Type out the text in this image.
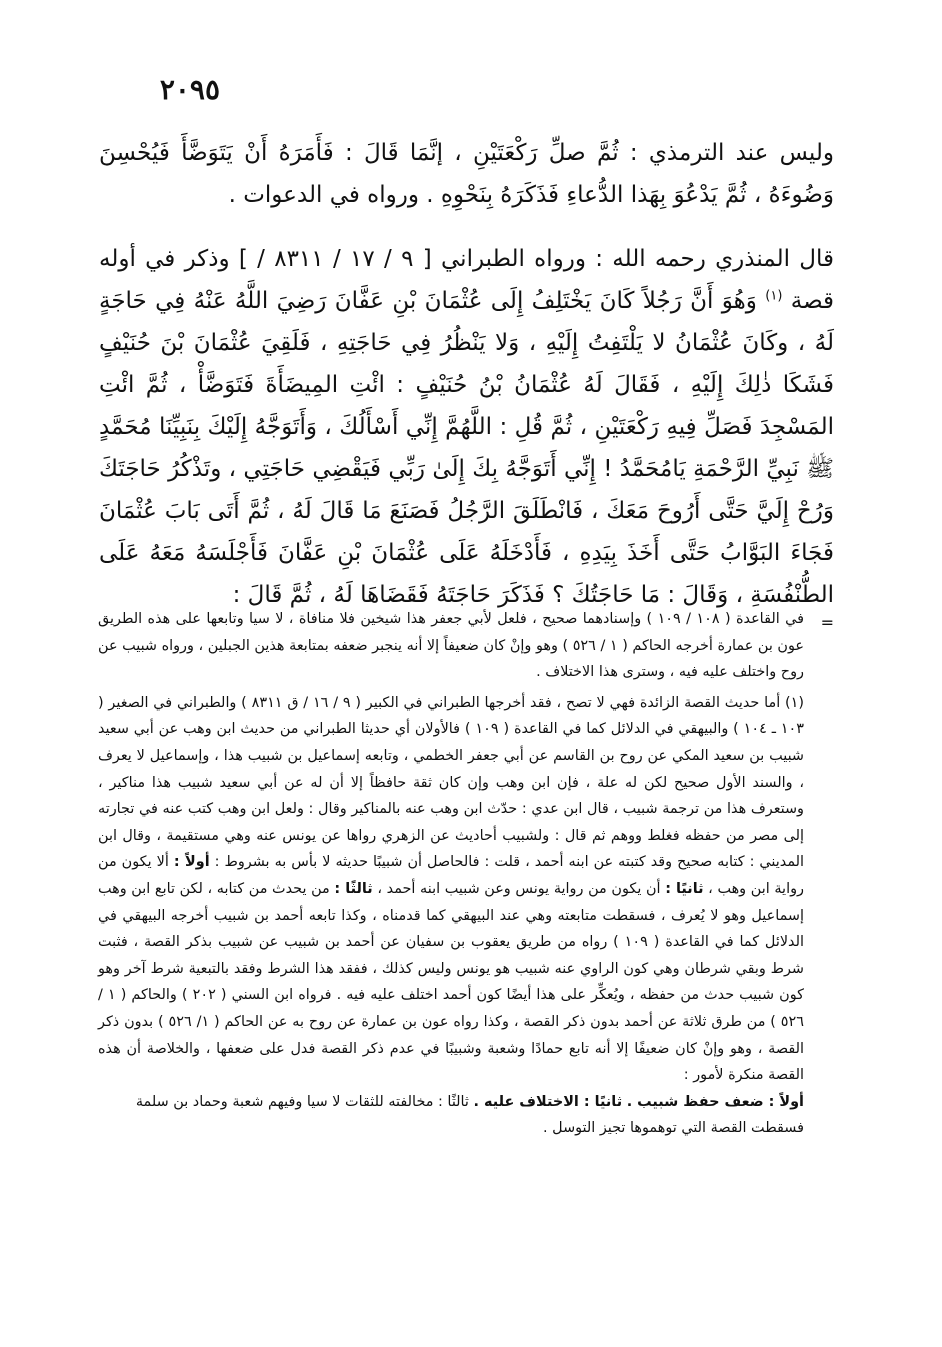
٢٠٩٥

وليس عند الترمذي : ثُمَّ صلِّ رَكْعَتَيْنِ ، إنَّمَا قَالَ : فَأَمَرَهُ أَنْ يَتَوَضَّأَ فَيُحْسِنَ وَضُوءَهُ ، ثُمَّ يَدْعُوَ بِهَذا الدُّعاءِ فَذَكَرَهُ بِنَحْوِهِ . ورواه في الدعوات .

قال المنذري رحمه الله : ورواه الطبراني [ ٩ / ١٧ / ٨٣١١ / ] وذكر في أوله قصة $^{(١)}$ وَهُوَ أَنَّ رَجُلاً كَانَ يَخْتَلِفُ إِلَى عُثْمَانَ بْنِ عَفَّانَ رَضِيَ اللَّهُ عَنْهُ فِي حَاجَةٍ لَهُ ، وكَانَ عُثْمَانُ لا يَلْتَفِتُ إِلَيْهِ ، وَلا يَنْظُرُ فِي حَاجَتِهِ ، فَلَقِيَ عُثْمَانَ بْنَ حُنَيْفٍ فَشَكَا ذٰلِكَ إِلَيْهِ ، فَقَالَ لَهُ عُثْمَانُ بْنُ حُنَيْفٍ : ائْتِ المِيضَأَةَ فَتَوَضَّأْ ، ثُمَّ ائْتِ المَسْجِدَ فَصَلِّ فِيهِ رَكْعَتَيْنِ ، ثُمَّ قُلِ : اللَّهُمَّ إِنِّي أَسْأَلُكَ ، وَأَتَوَجَّهُ إِلَيْكَ بِنَبِيِّنَا مُحَمَّدٍ ﷺ نَبِيِّ الرَّحْمَةِ يَامُحَمَّدُ ! إِنِّي أَتَوَجَّهُ بِكَ إِلَىٰ رَبِّي فَيَقْضِي حَاجَتِي ، وتَذْكُرُ حَاجَتَكَ وَرُحْ إِلَيَّ حَتَّى أَرُوحَ مَعَكَ ، فَانْطَلَقَ الرَّجُلُ فَصَنَعَ مَا قَالَ لَهُ ، ثُمَّ أَتَى بَابَ عُثْمَانَ فَجَاءَ البَوَّابُ حَتَّى أَخَذَ بِيَدِهِ ، فَأَدْخَلَهُ عَلَى عُثْمَانَ بْنِ عَفَّانَ فَأَجْلَسَهُ مَعَهُ عَلَى الطُّنْفُسَةِ ، وَقَالَ : مَا حَاجَتُكَ ؟ فَذَكَرَ حَاجَتَهُ فَقَضَاهَا لَهُ ، ثُمَّ قَالَ :

=

في القاعدة ( ١٠٨ / ١٠٩ ) وإسنادهما صحيح ، فلعل لأبي جعفر هذا شيخين فلا منافاة ، لا سيا وتابعها على هذه الطريق عون بن عمارة أخرجه الحاكم ( ١ / ٥٢٦ ) وهو وإنْ كان ضعيفاً إلا أنه ينجبر ضعفه بمتابعة هذين الجبلين ، ورواه شبيب عن روح واختلف عليه فيه ، وسترى هذا الاختلاف .

(١) أما حديث القصة الزائدة فهي لا تصح ، فقد أخرجها الطبراني في الكبير ( ٩ / ١٦ / ق ٨٣١١ ) والطبراني في الصغير ( ١٠٣ ـ ١٠٤ ) والبيهقي في الدلائل كما في القاعدة ( ١٠٩ ) فالأولان أي حديثا الطبراني من حديث ابن وهب عن أبي سعيد شبيب بن سعيد المكي عن روح بن القاسم عن أبي جعفر الخطمي ، وتابعه إسماعيل بن شبيب هذا ، وإسماعيل لا يعرف ، والسند الأول صحيح لكن له علة ، فإن ابن وهب وإن كان ثقة حافظاً إلا أن له عن أبي سعيد شبيب هذا مناكير ، وستعرف هذا من ترجمة شبيب ، قال ابن عدي : حدّث ابن وهب عنه بالمناكير وقال : ولعل ابن وهب كتب عنه في تجارته إلى مصر من حفظه فغلط ووهم ثم قال : ولشبيب أحاديث عن الزهري رواها عن يونس عنه وهي مستقيمة ، وقال ابن المديني : كتابه صحيح وقد كتبته عن ابنه أحمد ، قلت : فالحاصل أن شبيبًا حديثه لا بأس به بشروط : أولاً : ألا يكون من رواية ابن وهب ، ثانيًا : أن يكون من رواية يونس وعن شبيب ابنه أحمد ، ثالثًا : من يحدث من كتابه ، لكن تابع ابن وهب إسماعيل وهو لا يُعرف ، فسقطت متابعته وهي عند البيهقي كما قدمناه ، وكذا تابعه أحمد بن شبيب أخرجه البيهقي في الدلائل كما في القاعدة ( ١٠٩ ) رواه من طريق يعقوب بن سفيان عن أحمد بن شبيب عن شبيب بذكر القصة ، فثبت شرط وبقي شرطان وهي كون الراوي عنه شبيب هو يونس وليس كذلك ، ففقد هذا الشرط وفقد بالتبعية شرط آخر وهو كون شبيب حدث من حفظه ، ويُعكِّر على هذا أيضًا كون أحمد اختلف عليه فيه . فرواه ابن السني ( ٢٠٢ ) والحاكم ( ١ / ٥٢٦ ) من طرق ثلاثة عن أحمد بدون ذكر القصة ، وكذا رواه عون بن عمارة عن روح به عن الحاكم ( ١/ ٥٢٦ ) بدون ذكر القصة ، وهو وإنْ كان ضعيفًا إلا أنه تابع حمادًا وشعبة وشبيبًا في عدم ذكر القصة فدل على ضعفها ، والخلاصة أن هذه القصة منكرة لأمور :

أولاً : ضعف حفظ شبيب . ثانيًا : الاختلاف عليه . ثالثًا : مخالفته للثقات لا سيا وفيهم شعبة وحماد بن سلمة

فسقطت القصة التي توهموها تجيز التوسل .
